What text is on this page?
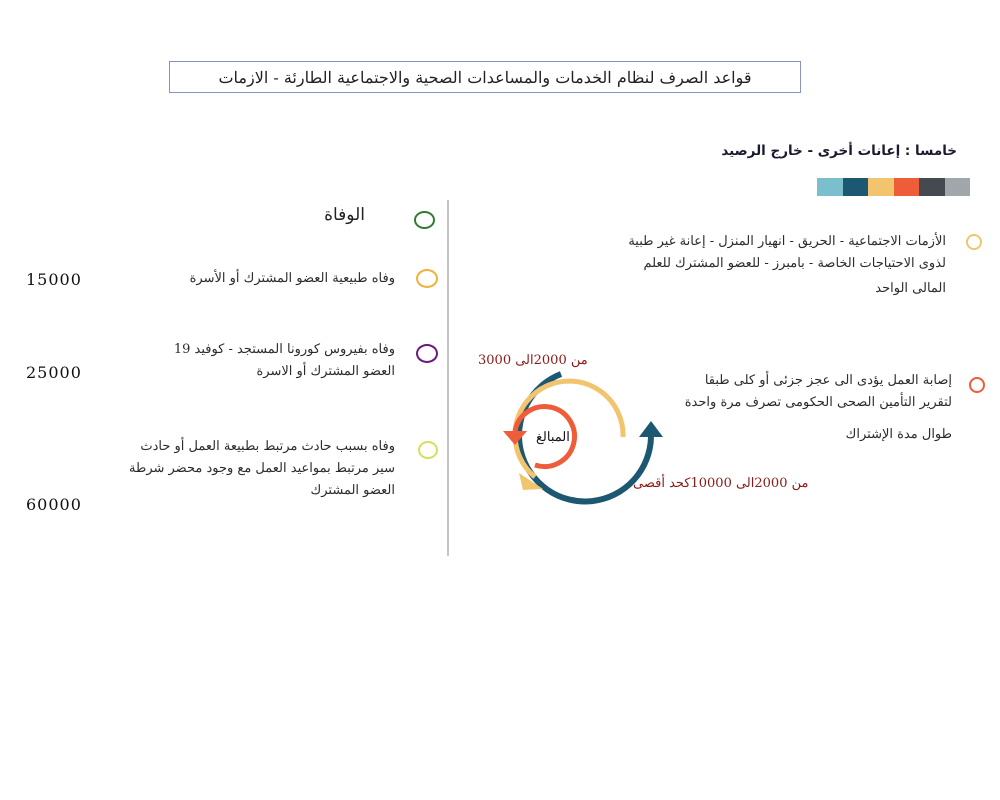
قواعد الصرف لنظام الخدمات والمساعدات الصحية والاجتماعية الطارئة - الازمات
خامسا : إعانات أخرى - خارج الرصيد
الأزمات الاجتماعية - الحريق - انهيار المنزل - إعانة غير طبية
لذوى الاحتياجات الخاصة - بامبرز - للعضو المشترك للعلم
المالى الواحد
إصابة العمل يؤدى الى عجز جزئى أو كلى طبقا
لتقرير التأمين الصحى الحكومى تصرف مرة واحدة
طوال مدة الإشتراك
المبالغ
من 2000الى 3000
من 2000الى 10000كحد أقصى
الوفاة
وفاه طبيعية العضو المشترك أو الأسرة
15000
وفاه بفيروس كورونا المستجد - كوفيد 19
العضو المشترك أو الاسرة
25000
وفاه بسبب حادث مرتبط بطبيعة العمل أو حادث
سير مرتبط بمواعيد العمل مع وجود محضر شرطة
العضو المشترك
60000
